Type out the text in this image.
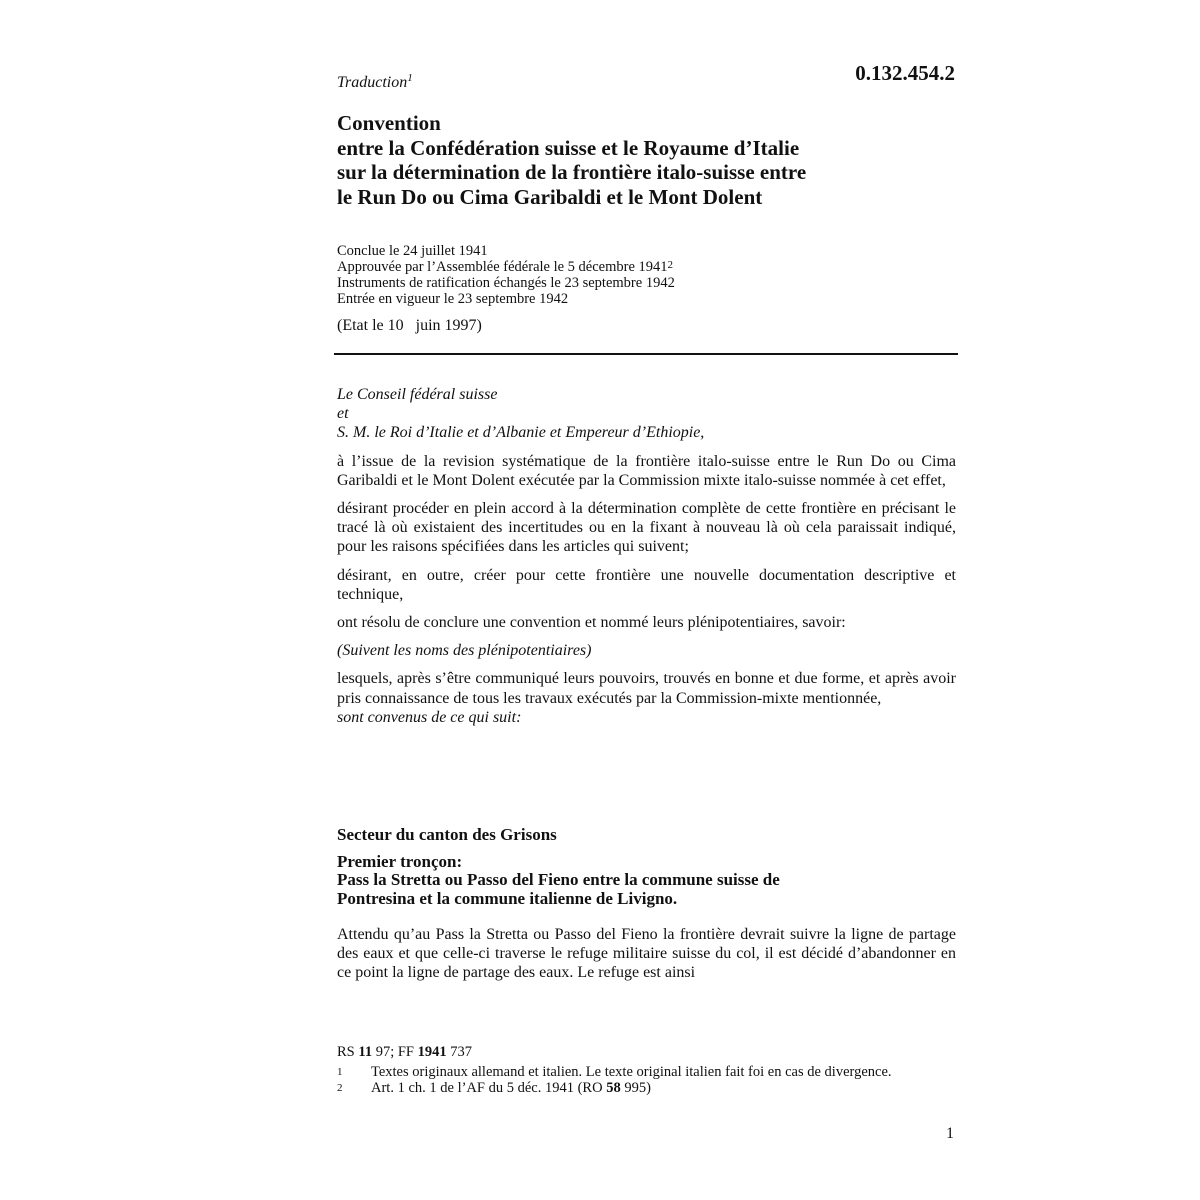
0.132.454.2
Traduction$^1$
Convention
entre la Confédération suisse et le Royaume d’Italie
sur la détermination de la frontière italo-suisse entre
le Run Do ou Cima Garibaldi et le Mont Dolent
Conclue le 24 juillet 1941
Approuvée par l’Assemblée fédérale le 5 décembre 1941$^2$
Instruments de ratification échangés le 23 septembre 1942
Entrée en vigueur le 23 septembre 1942
(Etat le 10   juin 1997)

Le Conseil fédéral suisse

et

S. M. le Roi d’Italie et d’Albanie et Empereur d’Ethiopie,

à l’issue de la revision systématique de la frontière italo-suisse entre le Run Do ou Cima Garibaldi et le Mont Dolent exécutée par la Commission mixte italo-suisse nommée à cet effet,

désirant procéder en plein accord à la détermination complète de cette frontière en précisant le tracé là où existaient des incertitudes ou en la fixant à nouveau là où cela paraissait indiqué, pour les raisons spécifiées dans les articles qui suivent;

désirant, en outre, créer pour cette frontière une nouvelle documentation descriptive et technique,

ont résolu de conclure une convention et nommé leurs plénipotentiaires, savoir:

(Suivent les noms des plénipotentiaires)

lesquels, après s’être communiqué leurs pouvoirs, trouvés en bonne et due forme, et après avoir pris connaissance de tous les travaux exécutés par la Commission-mixte mentionnée,

sont convenus de ce qui suit:

Secteur du canton des Grisons
Premier tronçon:
Pass la Stretta ou Passo del Fieno entre la commune suisse de
Pontresina et la commune italienne de Livigno.
Attendu qu’au Pass la Stretta ou Passo del Fieno la frontière devrait suivre la ligne de partage des eaux et que celle-ci traverse le refuge militaire suisse du col, il est décidé d’abandonner en ce point la ligne de partage des eaux. Le refuge est ainsi
RS 11 97; FF 1941 737
1 Textes originaux allemand et italien. Le texte original italien fait foi en cas de divergence.
2 Art. 1 ch. 1 de l’AF du 5 déc. 1941 (RO 58 995)
1
